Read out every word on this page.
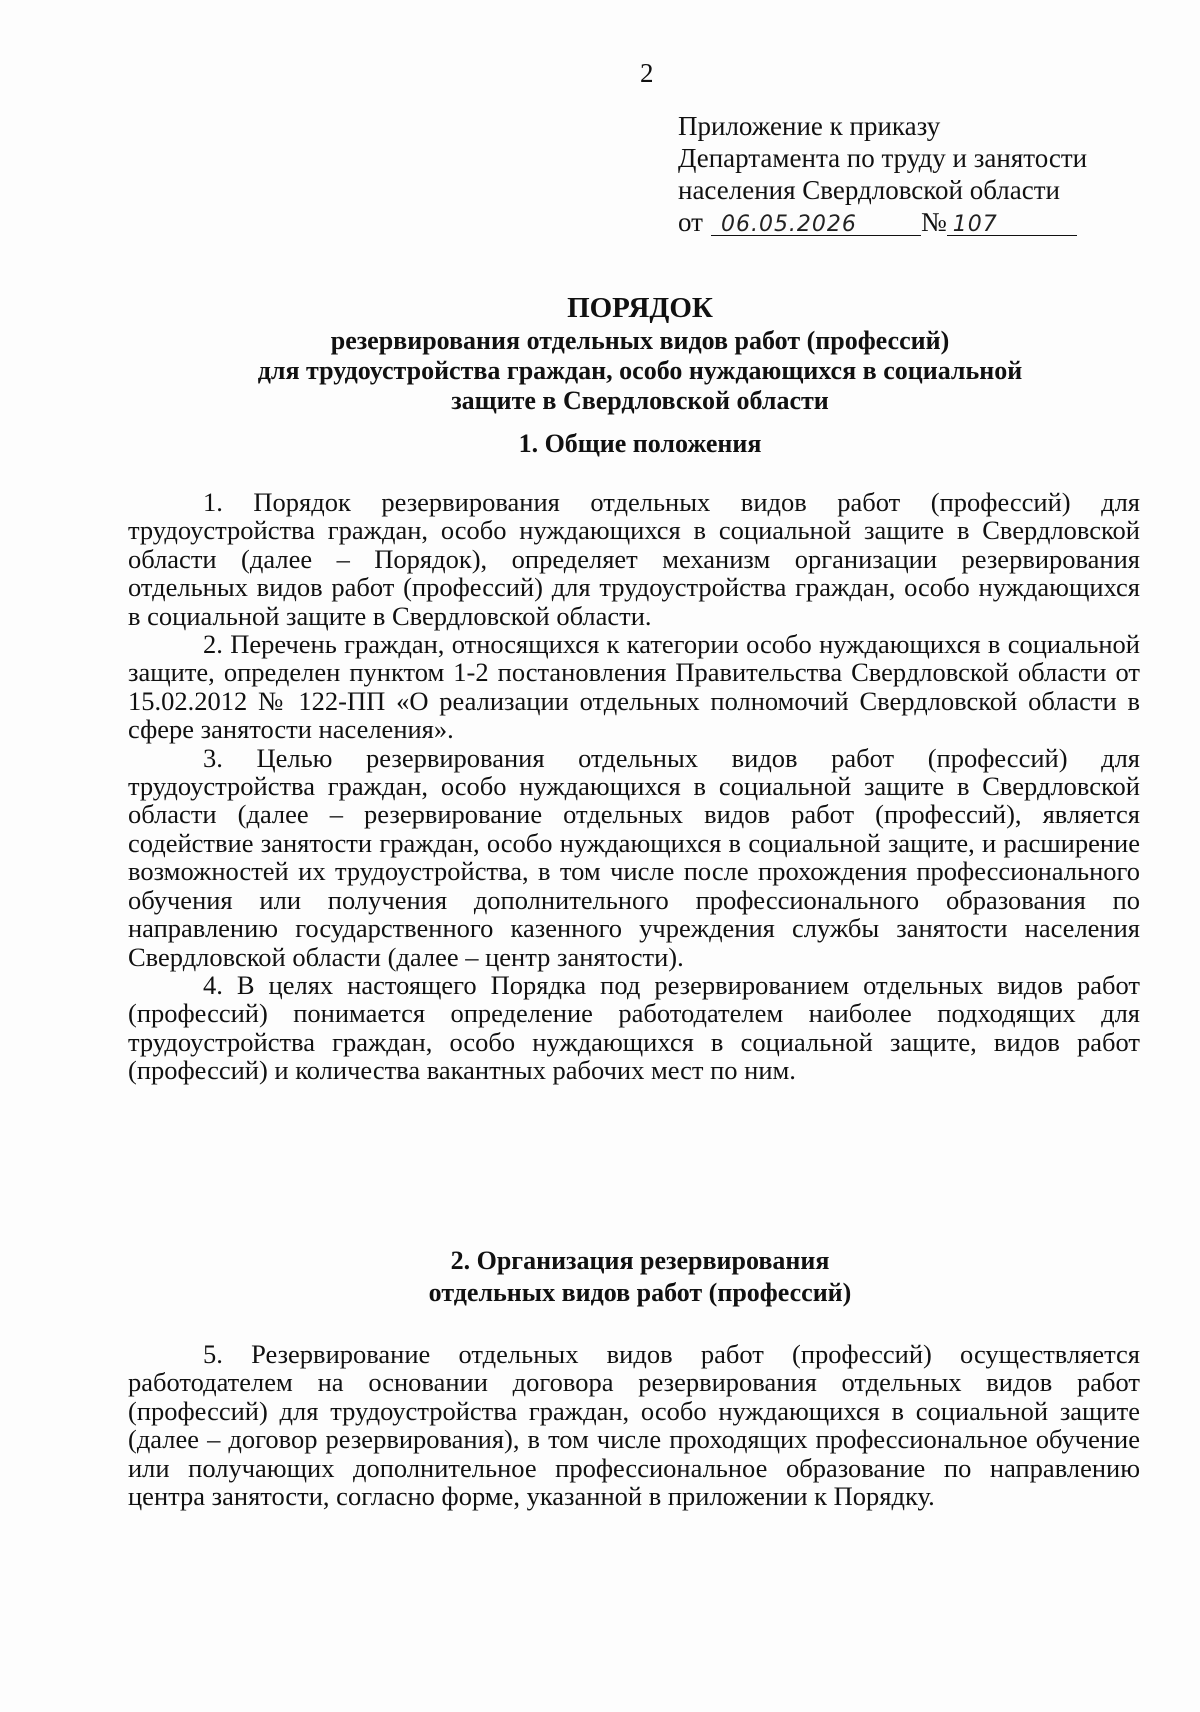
2
Приложение к приказу
Департамента по труду и занятости
населения Свердловской области
от 06.05.2026	№ 107
ПОРЯДОК
резервирования отдельных видов работ (профессий)
для трудоустройства граждан, особо нуждающихся в социальной
защите в Свердловской области
1. Общие положения

1. Порядок резервирования отдельных видов работ (профессий) для трудоустройства граждан, особо нуждающихся в социальной защите в Свердловской области (далее – Порядок), определяет механизм организации резервирования отдельных видов работ (профессий) для трудоустройства граждан, особо нуждающихся в социальной защите в Свердловской области.

2. Перечень граждан, относящихся к категории особо нуждающихся в социальной защите, определен пунктом 1-2 постановления Правительства Свердловской области от 15.02.2012 № 122-ПП «О реализации отдельных полномочий Свердловской области в сфере занятости населения».

3. Целью резервирования отдельных видов работ (профессий) для трудоустройства граждан, особо нуждающихся в социальной защите в Свердловской области (далее – резервирование отдельных видов работ (профессий), является содействие занятости граждан, особо нуждающихся в социальной защите, и расширение возможностей их трудоустройства, в том числе после прохождения профессионального обучения или получения дополнительного профессионального образования по направлению государственного казенного учреждения службы занятости населения Свердловской области (далее – центр занятости).

4. В целях настоящего Порядка под резервированием отдельных видов работ (профессий) понимается определение работодателем наиболее подходящих для трудоустройства граждан, особо нуждающихся в социальной защите, видов работ (профессий) и количества вакантных рабочих мест по ним.

2. Организация резервирования
отдельных видов работ (профессий)

5. Резервирование отдельных видов работ (профессий) осуществляется работодателем на основании договора резервирования отдельных видов работ (профессий) для трудоустройства граждан, особо нуждающихся в социальной защите (далее – договор резервирования), в том числе проходящих профессиональное обучение или получающих дополнительное профессиональное образование по направлению центра занятости, согласно форме, указанной в приложении к Порядку.
